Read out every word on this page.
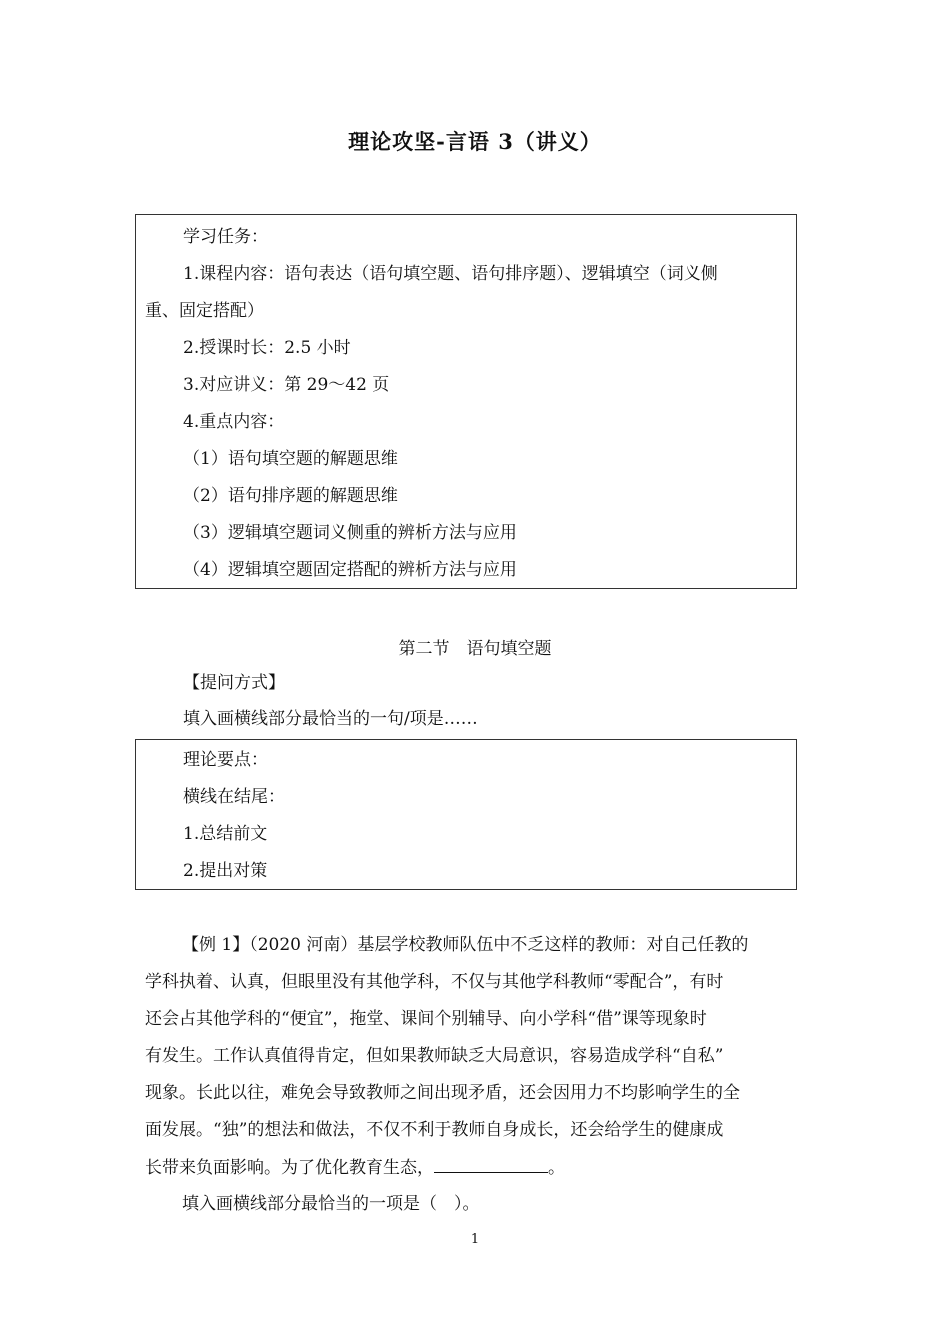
理论攻坚-言语 3（讲义）
学习任务：
1.课程内容：语句表达（语句填空题、语句排序题）、逻辑填空（词义侧
重、固定搭配）
2.授课时长：2.5 小时
3.对应讲义：第 29～42 页
4.重点内容：
（1）语句填空题的解题思维
（2）语句排序题的解题思维
（3）逻辑填空题词义侧重的辨析方法与应用
（4）逻辑填空题固定搭配的辨析方法与应用
第二节　语句填空题
【提问方式】
填入画横线部分最恰当的一句/项是……
理论要点：
横线在结尾：
1.总结前文
2.提出对策
【例 1】（2020 河南）基层学校教师队伍中不乏这样的教师：对自己任教的
学科执着、认真，但眼里没有其他学科，不仅与其他学科教师“零配合”，有时
还会占其他学科的“便宜”，拖堂、课间个别辅导、向小学科“借”课等现象时
有发生。工作认真值得肯定，但如果教师缺乏大局意识，容易造成学科“自私”
现象。长此以往，难免会导致教师之间出现矛盾，还会因用力不均影响学生的全
面发展。“独”的想法和做法，不仅不利于教师自身成长，还会给学生的健康成
长带来负面影响。为了优化教育生态，	。
填入画横线部分最恰当的一项是（　）。
1
